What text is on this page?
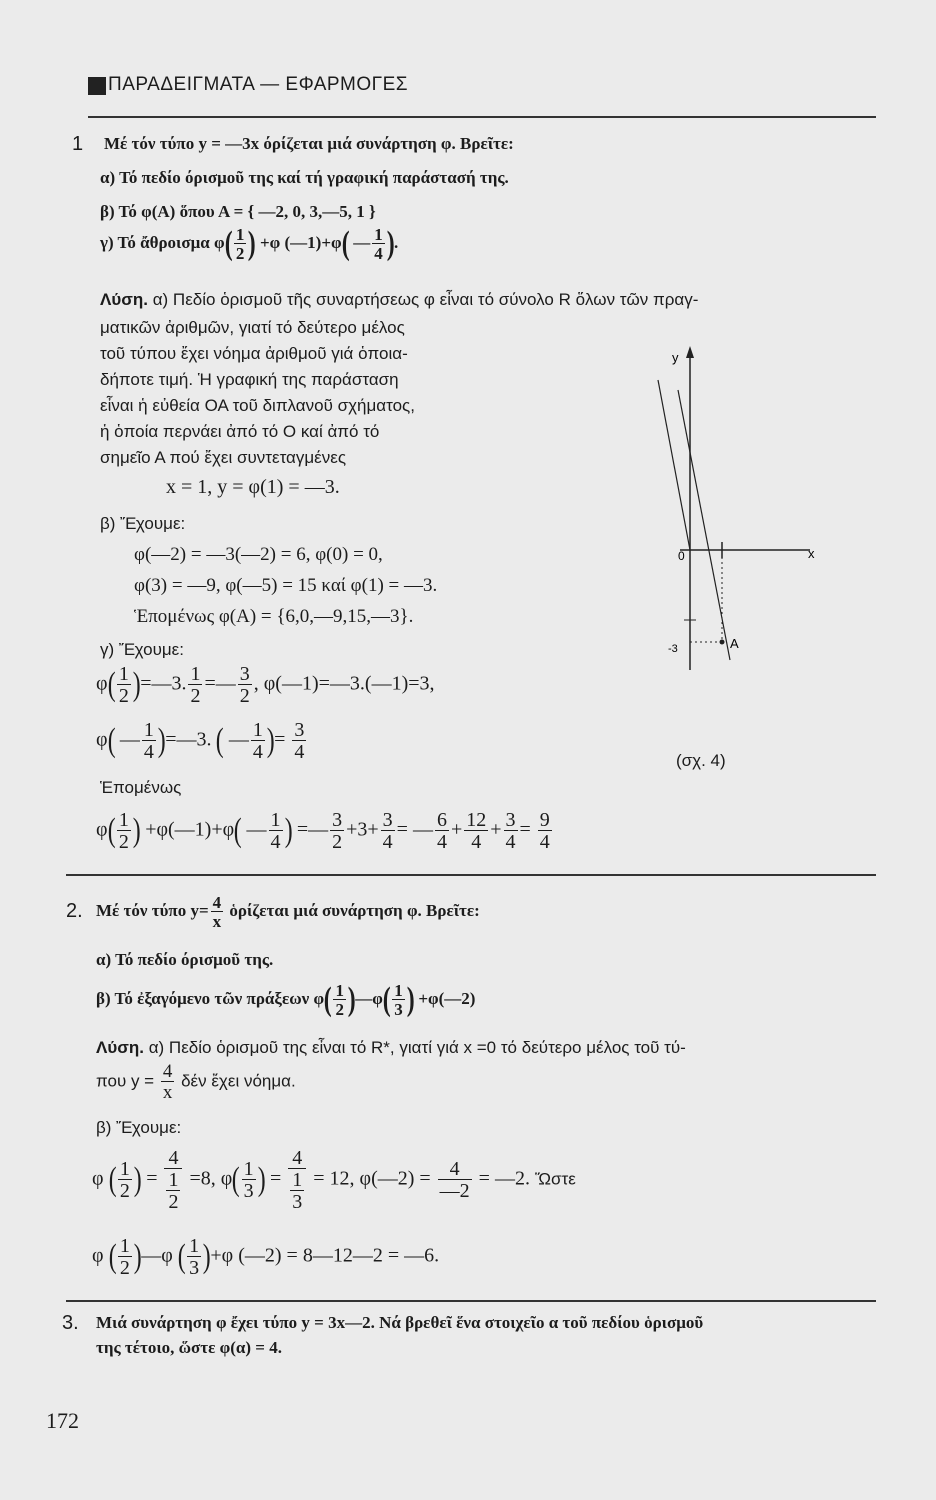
ΠΑΡΑΔΕΙΓΜΑΤΑ — ΕΦΑΡΜΟΓΕΣ
1 Μέ τόν τύπο y = —3x όρίζεται μιά συνάρτηση φ. Βρεῖτε:
α) Τό πεδίο όρισμοῦ της καί τή γραφική παράστασή της.
β) Τό φ(Α) ὅπου Α = { —2, 0, 3,—5, 1 }
γ) Τό ἄθροισμα $\varphi( \frac{1}{2}$ ) +φ (—1)+φ( — $\frac{1}{4}$ ).
Λύση. α) Πεδίο ὁρισμοῦ τῆς συναρτήσεως φ εἶναι τό σύνολο R ὅλων τῶν πραγ-
ματικῶν ἀριθμῶν, γιατί τό δεύτερο μέλος
τοῦ τύπου ἔχει νόημα ἀριθμοῦ γιά ὁποια-
δήποτε τιμή. Ἡ γραφική της παράσταση
εἶναι ἡ εὐθεία ΟΑ τοῦ διπλανοῦ σχήματος,
ἡ ὁποία περνάει ἀπό τό Ο καί ἀπό τό
σημεῖο Α πού ἔχει συντεταγμένες
x = 1, y = φ(1) = —3.
β) Ἔχουμε:
φ(—2) = —3(—2) = 6, φ(0) = 0,
φ(3) = —9, φ(—5) = 15 καί φ(1) = —3.
Ἑπομένως φ(Α) = {6,0,—9,15,—3}.
γ) Ἔχουμε:
$\varphi( \frac{1}{2}$ )=—3. $\frac{1}{2}$ =— $\frac{3}{2}$ , φ(—1)=—3.(—1)=3,
φ( — $\frac{1}{4}$ )=—3. ( — $\frac{1}{4}$ )= $\frac{3}{4}$	(σχ. 4)
Ἑπομένως
$\varphi( \frac{1}{2}$ ) +φ(—1)+φ( — $\frac{1}{4}$ ) =— $\frac{3}{2} +3+ \frac{3}{4}$ = — $\frac{6}{4} + \frac{12}{4} + \frac{3}{4} = \frac{9}{4}$
y
x
0
A
-3
2. Μέ τόν τύπο $y= \frac{4}{x}$ ὁρίζεται μιά συνάρτηση φ. Βρεῖτε:
α) Τό πεδίο όρισμοῦ της.
β) Τό ἐξαγόμενο τῶν πράξεων $\varphi( \frac{1}{2}$ )—φ( $\frac{1}{3}$ ) +φ(—2)
Λύση. α) Πεδίο ὁρισμοῦ της εἶναι τό R*, γιατί γιά x =0 τό δεύτερο μέλος τοῦ τύ-
που $y = \frac{4}{x}$ δέν ἔχει νόημα.
β) Ἔχουμε:
φ ( $\frac{1}{2}$ ) = $\frac{4}{\frac{1}{2}} =8$, $\varphi( \frac{1}{3}$ ) = $\frac{4}{\frac{1}{3}} = 12$, φ(—2) = $\frac{4}{—2}$ = —2. Ὥστε
φ ( $\frac{1}{2}$ )—φ ( $\frac{1}{3} )+\varphi$ (—2) = 8—12—2 = —6.
3. Μιά συνάρτηση φ ἔχει τύπο y = 3x—2. Νά βρεθεῖ ἕνα στοιχεῖο α τοῦ πεδίου ὁρισμοῦ
της τέτοιο, ὥστε φ(α) = 4.
172
